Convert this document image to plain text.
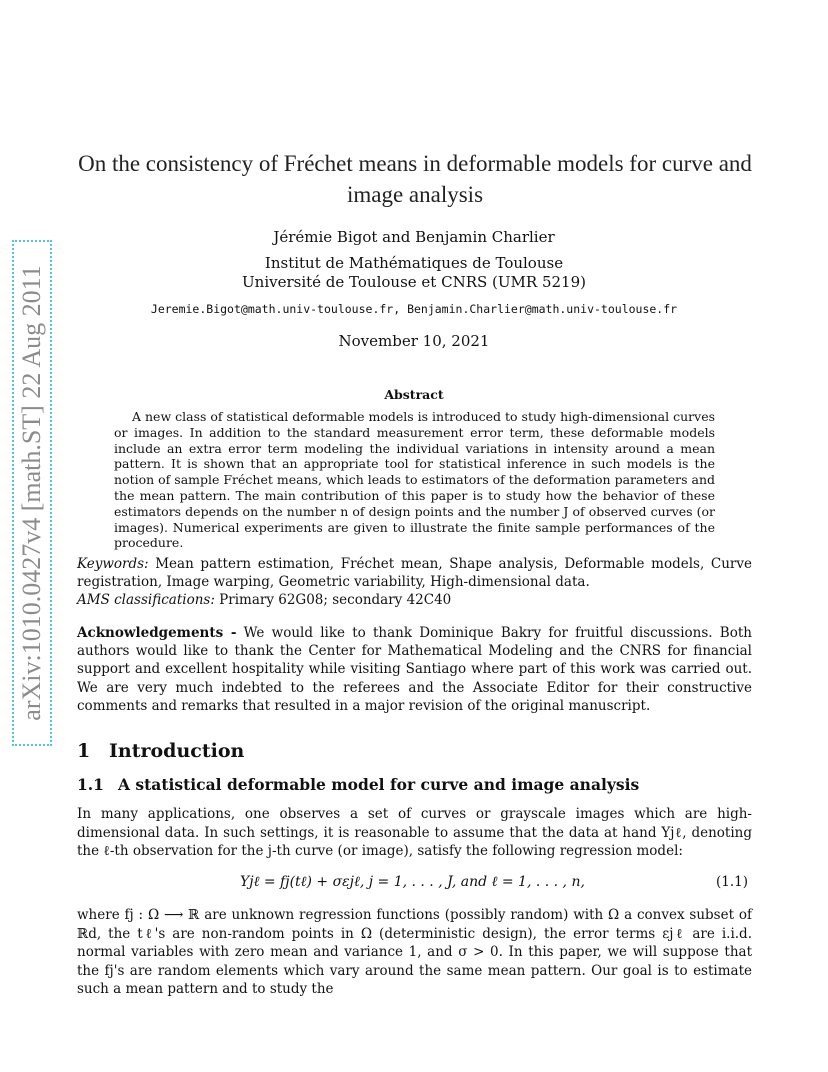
arXiv:1010.0427v4 [math.ST] 22 Aug 2011
On the consistency of Fréchet means in deformable models for curve and image analysis
Jérémie Bigot and Benjamin Charlier
Institut de Mathématiques de Toulouse
Université de Toulouse et CNRS (UMR 5219)
Jeremie.Bigot@math.univ-toulouse.fr, Benjamin.Charlier@math.univ-toulouse.fr
November 10, 2021
Abstract
A new class of statistical deformable models is introduced to study high-dimensional curves or images. In addition to the standard measurement error term, these deformable models include an extra error term modeling the individual variations in intensity around a mean pattern. It is shown that an appropriate tool for statistical inference in such models is the notion of sample Fréchet means, which leads to estimators of the deformation parameters and the mean pattern. The main contribution of this paper is to study how the behavior of these estimators depends on the number n of design points and the number J of observed curves (or images). Numerical experiments are given to illustrate the finite sample performances of the procedure.

Keywords: Mean pattern estimation, Fréchet mean, Shape analysis, Deformable models, Curve registration, Image warping, Geometric variability, High-dimensional data.

AMS classifications: Primary 62G08; secondary 42C40

Acknowledgements - We would like to thank Dominique Bakry for fruitful discussions. Both authors would like to thank the Center for Mathematical Modeling and the CNRS for financial support and excellent hospitality while visiting Santiago where part of this work was carried out. We are very much indebted to the referees and the Associate Editor for their constructive comments and remarks that resulted in a major revision of the original manuscript.
1 Introduction
1.1 A statistical deformable model for curve and image analysis
In many applications, one observes a set of curves or grayscale images which are high-dimensional data. In such settings, it is reasonable to assume that the data at hand Yjℓ, denoting the ℓ-th observation for the j-th curve (or image), satisfy the following regression model:
Yjℓ = fj(tℓ) + σεjℓ, j = 1, . . . , J, and ℓ = 1, . . . , n,	(1.1)
where fj : Ω ⟶ ℝ are unknown regression functions (possibly random) with Ω a convex subset of ℝd, the tℓ's are non-random points in Ω (deterministic design), the error terms εjℓ are i.i.d. normal variables with zero mean and variance 1, and σ > 0. In this paper, we will suppose that the fj's are random elements which vary around the same mean pattern. Our goal is to estimate such a mean pattern and to study the
